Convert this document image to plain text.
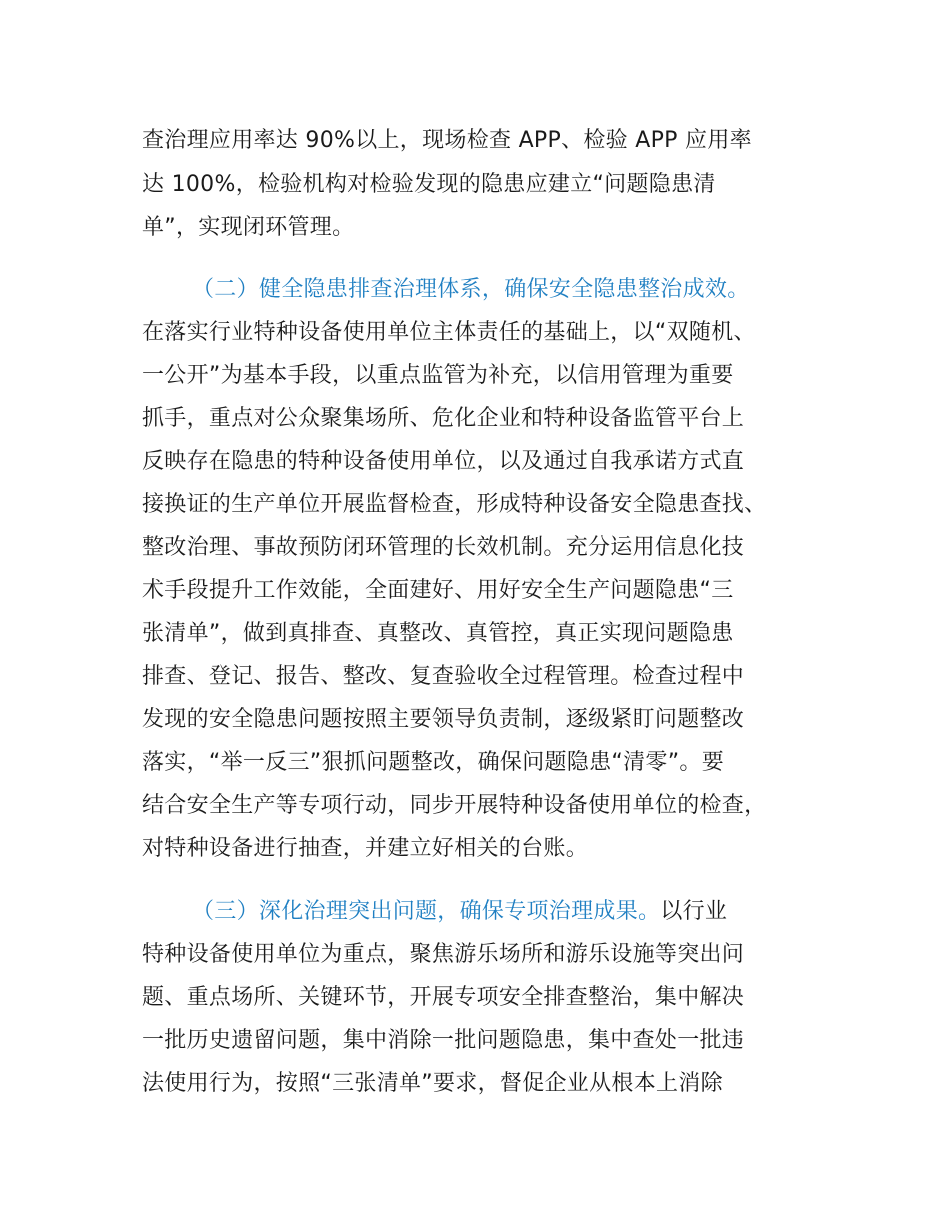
查治理应用率达 90%以上，现场检查 APP、检验 APP 应用率
达 100%，检验机构对检验发现的隐患应建立“问题隐患清
单”，实现闭环管理。
（二）健全隐患排查治理体系，确保安全隐患整治成效。
在落实行业特种设备使用单位主体责任的基础上，以“双随机、
一公开”为基本手段，以重点监管为补充，以信用管理为重要
抓手，重点对公众聚集场所、危化企业和特种设备监管平台上
反映存在隐患的特种设备使用单位，以及通过自我承诺方式直
接换证的生产单位开展监督检查，形成特种设备安全隐患查找、
整改治理、事故预防闭环管理的长效机制。充分运用信息化技
术手段提升工作效能，全面建好、用好安全生产问题隐患“三
张清单”，做到真排查、真整改、真管控，真正实现问题隐患
排查、登记、报告、整改、复查验收全过程管理。检查过程中
发现的安全隐患问题按照主要领导负责制，逐级紧盯问题整改
落实，“举一反三”狠抓问题整改，确保问题隐患“清零”。要
结合安全生产等专项行动，同步开展特种设备使用单位的检查，
对特种设备进行抽查，并建立好相关的台账。
（三）深化治理突出问题，确保专项治理成果。以行业
特种设备使用单位为重点，聚焦游乐场所和游乐设施等突出问
题、重点场所、关键环节，开展专项安全排查整治，集中解决
一批历史遗留问题，集中消除一批问题隐患，集中查处一批违
法使用行为，按照“三张清单”要求，督促企业从根本上消除
